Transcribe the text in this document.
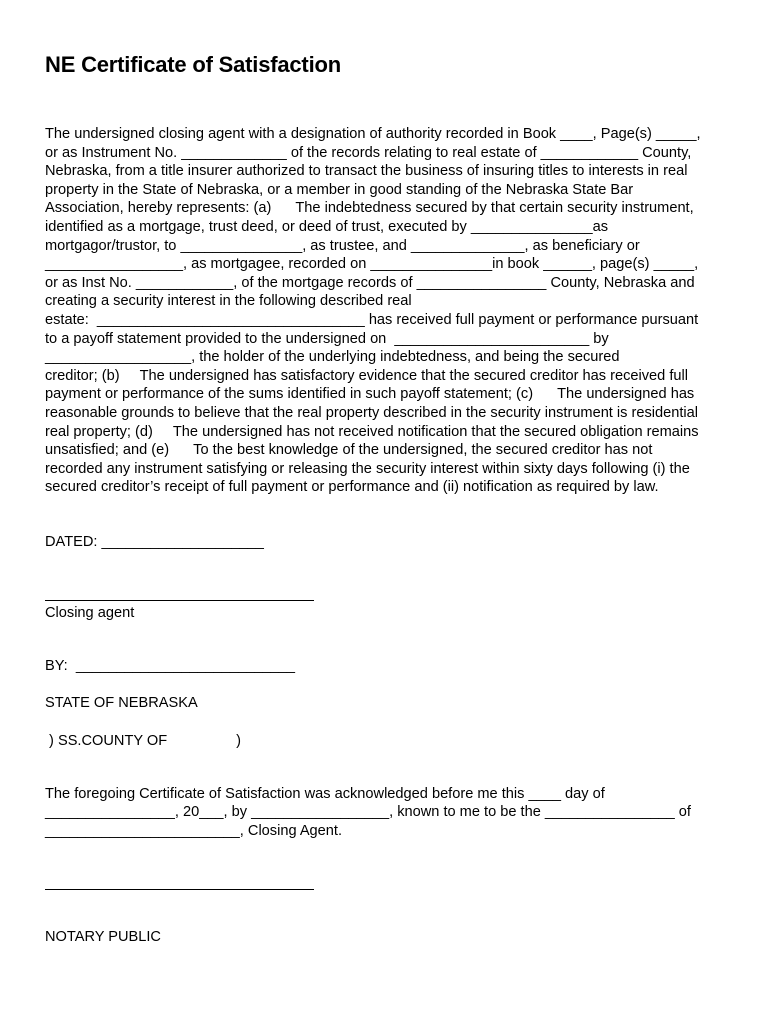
NE Certificate of Satisfaction

The undersigned closing agent with a designation of authority recorded in Book ____, Page(s) _____,
or as Instrument No. _____________ of the records relating to real estate of ____________ County,
Nebraska, from a title insurer authorized to transact the business of insuring titles to interests in real
property in the State of Nebraska, or a member in good standing of the Nebraska State Bar
Association, hereby represents: (a)      The indebtedness secured by that certain security instrument,
identified as a mortgage, trust deed, or deed of trust, executed by _______________as
mortgagor/trustor, to _______________, as trustee, and ______________, as beneficiary or
_________________, as mortgagee, recorded on _______________in book ______, page(s) _____,
or as Inst No. ____________, of the mortgage records of ________________ County, Nebraska and
creating a security interest in the following described real
estate:  _________________________________ has received full payment or performance pursuant
to a payoff statement provided to the undersigned on  ________________________ by
__________________, the holder of the underlying indebtedness, and being the secured
creditor; (b)     The undersigned has satisfactory evidence that the secured creditor has received full
payment or performance of the sums identified in such payoff statement; (c)      The undersigned has
reasonable grounds to believe that the real property described in the security instrument is residential
real property; (d)     The undersigned has not received notification that the secured obligation remains
unsatisfied; and (e)      To the best knowledge of the undersigned, the secured creditor has not
recorded any instrument satisfying or releasing the security interest within sixty days following (i) the
secured creditor’s receipt of full payment or performance and (ii) notification as required by law.

DATED: ____________________
Closing agent
BY:  ___________________________
STATE OF NEBRASKA
) SS.COUNTY OF                 )
The foregoing Certificate of Satisfaction was acknowledged before me this ____ day of
________________, 20___, by _________________, known to me to be the ________________ of
________________________, Closing Agent.
NOTARY PUBLIC
